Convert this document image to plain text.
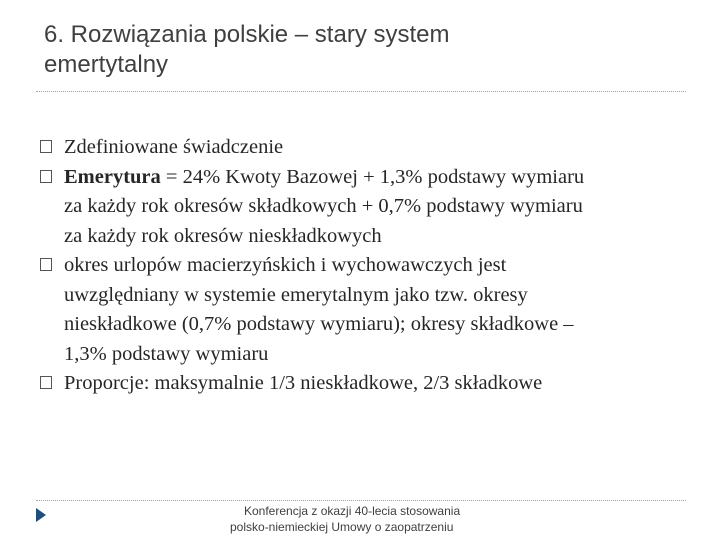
6. Rozwiązania polskie – stary system
emertytalny
Zdefiniowane świadczenie
Emerytura = 24% Kwoty Bazowej + 1,3% podstawy wymiaru
za każdy rok okresów składkowych + 0,7% podstawy wymiaru
za każdy rok okresów nieskładkowych
okres urlopów macierzyńskich i wychowawczych jest
uwzględniany w systemie emerytalnym jako tzw. okresy
nieskładkowe (0,7% podstawy wymiaru); okresy składkowe –
1,3% podstawy wymiaru
Proporcje: maksymalnie 1/3 nieskładkowe, 2/3 składkowe
Konferencja z okazji 40-lecia stosowania
polsko-niemieckiej Umowy o zaopatrzeniu
